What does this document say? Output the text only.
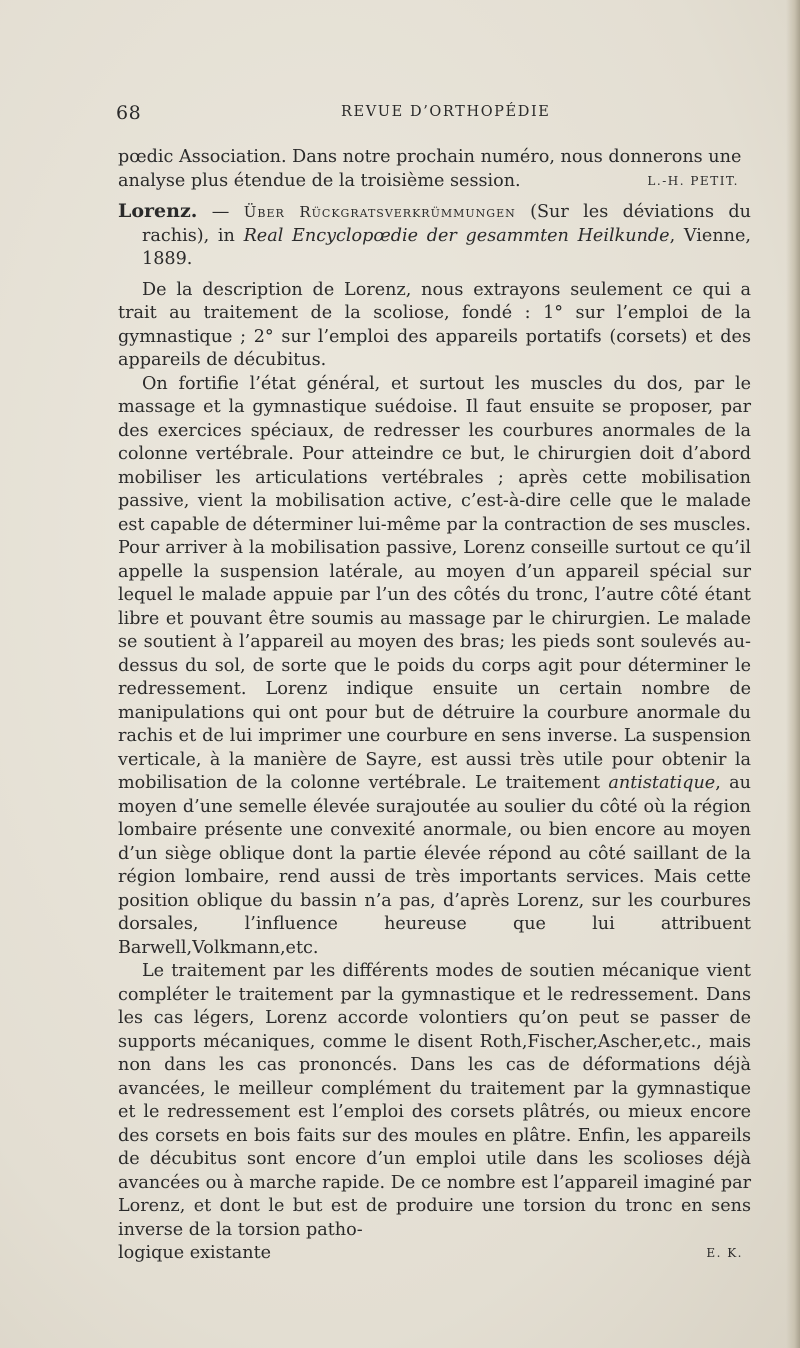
68	REVUE D’ORTHOPÉDIE

pœdic Association. Dans notre prochain numéro, nous donnerons une

analyse plus étendue de la troisième session.	L.-H. PETIT.

Lorenz. — Über Rückgratsverkrümmungen (Sur les déviations du rachis), in Real Encyclopœdie der gesammten Heilkunde, Vienne, 1889.

De la description de Lorenz, nous extrayons seulement ce qui a trait au traitement de la scoliose, fondé : 1° sur l’emploi de la gymnastique ; 2° sur l’emploi des appareils portatifs (corsets) et des appareils de décubitus.

On fortifie l’état général, et surtout les muscles du dos, par le massage et la gymnastique suédoise. Il faut ensuite se proposer, par des exercices spéciaux, de redresser les courbures anormales de la colonne vertébrale. Pour atteindre ce but, le chirurgien doit d’abord mobiliser les articulations vertébrales ; après cette mobilisation passive, vient la mobilisation active, c’est-à-dire celle que le malade est capable de déterminer lui-même par la contraction de ses muscles. Pour arriver à la mobilisation passive, Lorenz conseille surtout ce qu’il appelle la suspension latérale, au moyen d’un appareil spécial sur lequel le malade appuie par l’un des côtés du tronc, l’autre côté étant libre et pouvant être soumis au massage par le chirurgien. Le malade se soutient à l’appareil au moyen des bras; les pieds sont soulevés au-dessus du sol, de sorte que le poids du corps agit pour déterminer le redressement. Lorenz indique ensuite un certain nombre de manipulations qui ont pour but de détruire la courbure anormale du rachis et de lui imprimer une courbure en sens inverse. La suspension verticale, à la manière de Sayre, est aussi très utile pour obtenir la mobilisation de la colonne vertébrale. Le traitement antistatique, au moyen d’une semelle élevée surajoutée au soulier du côté où la région lombaire présente une convexité anormale, ou bien encore au moyen d’un siège oblique dont la partie élevée répond au côté saillant de la région lombaire, rend aussi de très importants services. Mais cette position oblique du bassin n’a pas, d’après Lorenz, sur les courbures dorsales, l’influence heureuse que lui attribuent Barwell,Volkmann,etc.

Le traitement par les différents modes de soutien mécanique vient compléter le traitement par la gymnastique et le redressement. Dans les cas légers, Lorenz accorde volontiers qu’on peut se passer de supports mécaniques, comme le disent Roth,Fischer,Ascher,etc., mais non dans les cas prononcés. Dans les cas de déformations déjà avancées, le meilleur complément du traitement par la gymnastique et le redressement est l’emploi des corsets plâtrés, ou mieux encore des corsets en bois faits sur des moules en plâtre. Enfin, les appareils de décubitus sont encore d’un emploi utile dans les scolioses déjà avancées ou à marche rapide. De ce nombre est l’appareil imaginé par Lorenz, et dont le but est de produire une torsion du tronc en sens inverse de la torsion patho-

logique existante	E. K.
